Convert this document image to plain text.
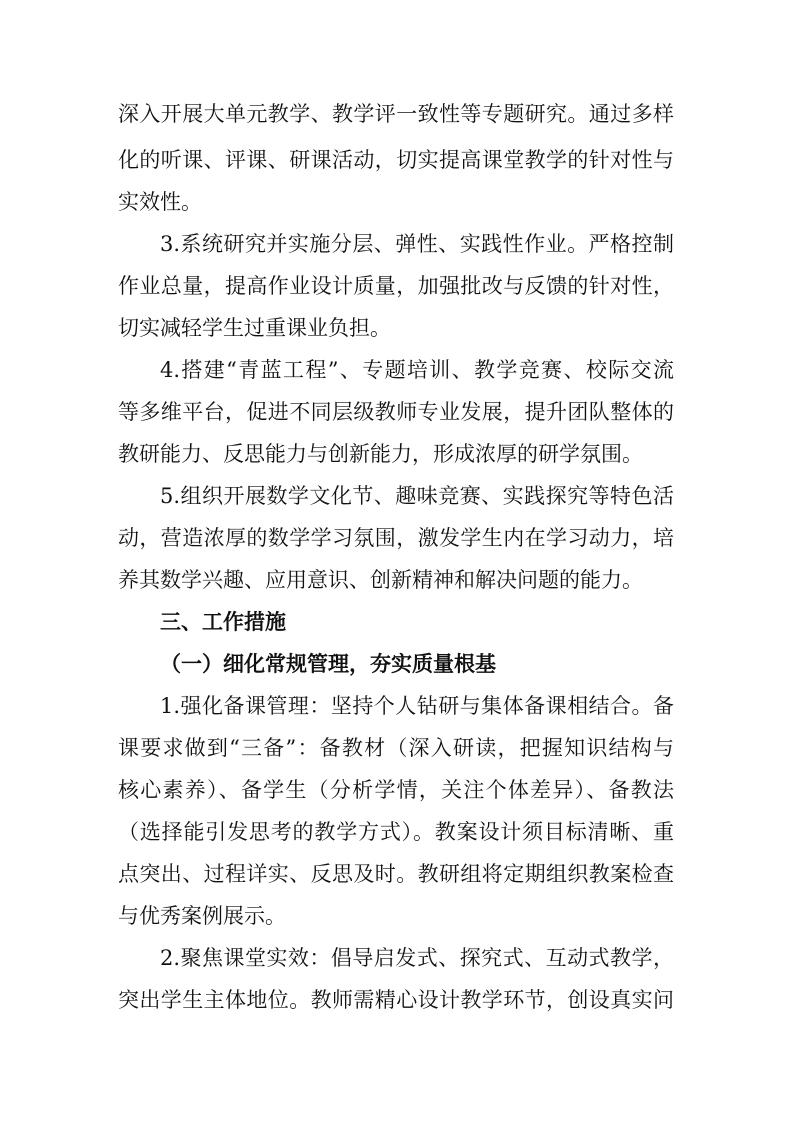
深入开展大单元教学、教学评一致性等专题研究。通过多样
化的听课、评课、研课活动，切实提高课堂教学的针对性与
实效性。
3.系统研究并实施分层、弹性、实践性作业。严格控制
作业总量，提高作业设计质量，加强批改与反馈的针对性，
切实减轻学生过重课业负担。
4.搭建“青蓝工程”、专题培训、教学竞赛、校际交流
等多维平台，促进不同层级教师专业发展，提升团队整体的
教研能力、反思能力与创新能力，形成浓厚的研学氛围。
5.组织开展数学文化节、趣味竞赛、实践探究等特色活
动，营造浓厚的数学学习氛围，激发学生内在学习动力，培
养其数学兴趣、应用意识、创新精神和解决问题的能力。
三、工作措施
（一）细化常规管理，夯实质量根基
1.强化备课管理：坚持个人钻研与集体备课相结合。备
课要求做到“三备”：备教材（深入研读，把握知识结构与
核心素养）、备学生（分析学情，关注个体差异）、备教法
（选择能引发思考的教学方式）。教案设计须目标清晰、重
点突出、过程详实、反思及时。教研组将定期组织教案检查
与优秀案例展示。
2.聚焦课堂实效：倡导启发式、探究式、互动式教学，
突出学生主体地位。教师需精心设计教学环节，创设真实问
